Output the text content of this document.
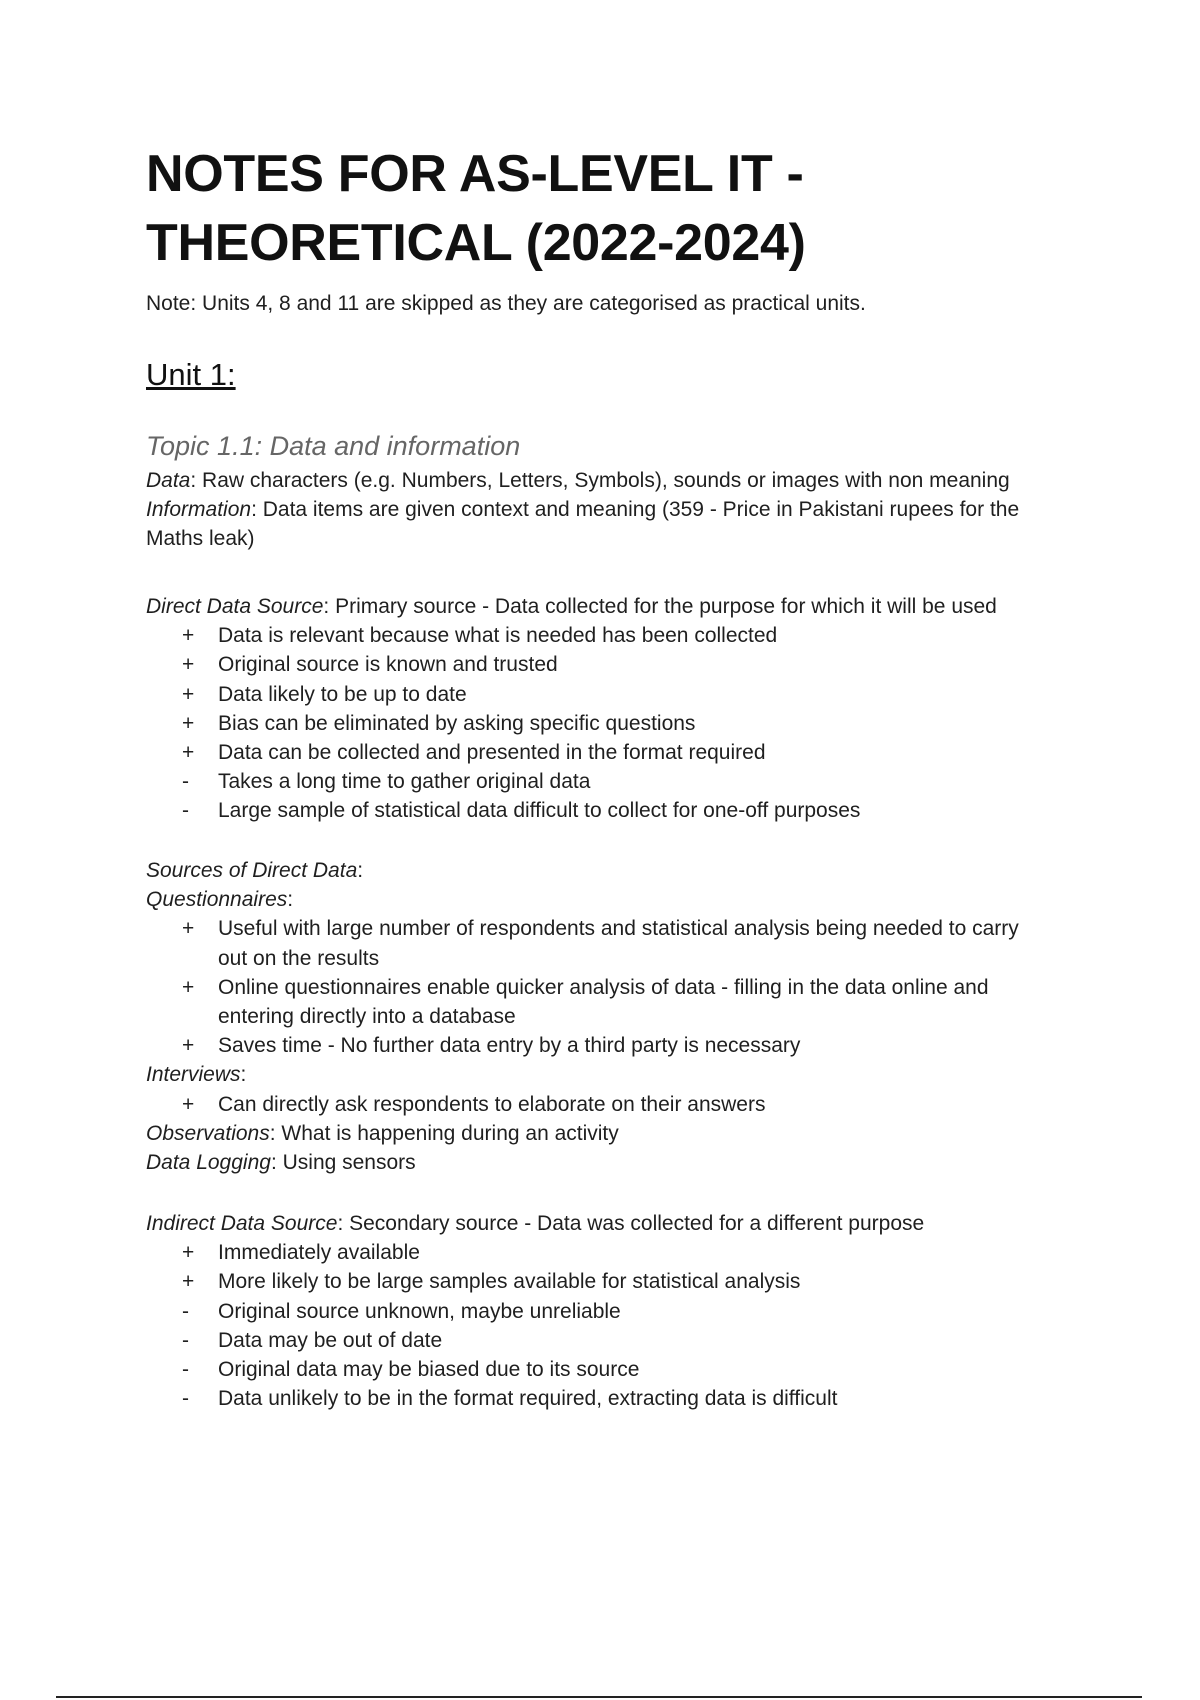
NOTES FOR AS-LEVEL IT -
THEORETICAL (2022-2024)
Note: Units 4, 8 and 11 are skipped as they are categorised as practical units.
Unit 1:
Topic 1.1: Data and information
Data: Raw characters (e.g. Numbers, Letters, Symbols), sounds or images with non meaning
Information: Data items are given context and meaning (359 - Price in Pakistani rupees for the
Maths leak)
Direct Data Source: Primary source - Data collected for the purpose for which it will be used
+	Data is relevant because what is needed has been collected
+	Original source is known and trusted
+	Data likely to be up to date
+	Bias can be eliminated by asking specific questions
+	Data can be collected and presented in the format required
-	Takes a long time to gather original data
-	Large sample of statistical data difficult to collect for one-off purposes
Sources of Direct Data:
Questionnaires:
+	Useful with large number of respondents and statistical analysis being needed to carry
out on the results
+	Online questionnaires enable quicker analysis of data - filling in the data online and
entering directly into a database
+	Saves time - No further data entry by a third party is necessary
Interviews:
+	Can directly ask respondents to elaborate on their answers
Observations: What is happening during an activity
Data Logging: Using sensors
Indirect Data Source: Secondary source - Data was collected for a different purpose
+	Immediately available
+	More likely to be large samples available for statistical analysis
-	Original source unknown, maybe unreliable
-	Data may be out of date
-	Original data may be biased due to its source
-	Data unlikely to be in the format required, extracting data is difficult
